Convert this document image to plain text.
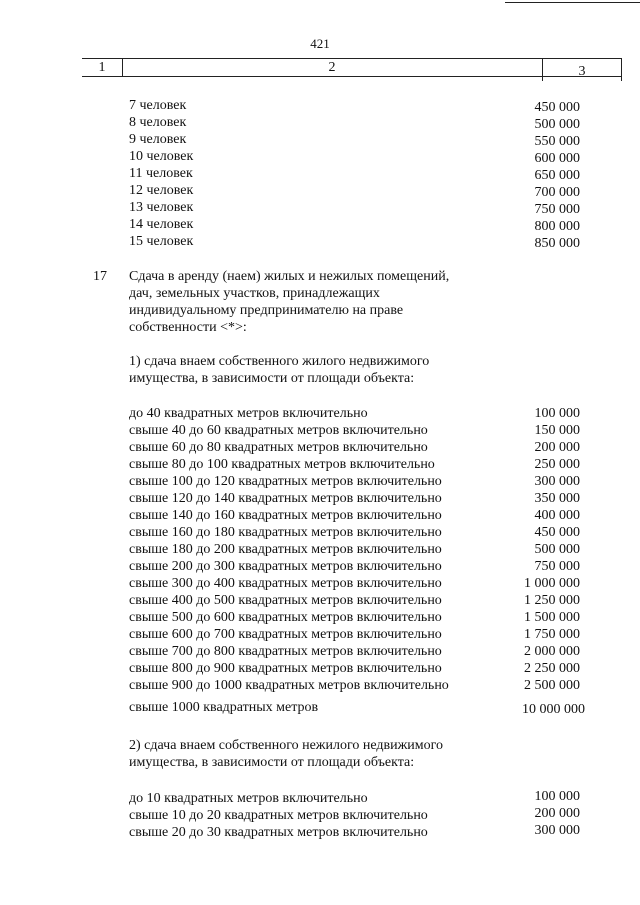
421
1	2	3
7 человек	450 000
8 человек	500 000
9 человек	550 000
10 человек	600 000
11 человек	650 000
12 человек	700 000
13 человек	750 000
14 человек	800 000
15 человек	850 000
17 Сдача в аренду (наем) жилых и нежилых помещений,
дач, земельных участков, принадлежащих
индивидуальному предпринимателю на праве
собственности <*>:
1) сдача внаем собственного жилого недвижимого
имущества, в зависимости от площади объекта:
до 40 квадратных метров включительно	100 000
свыше 40 до 60 квадратных метров включительно	150 000
свыше 60 до 80 квадратных метров включительно	200 000
свыше 80 до 100 квадратных метров включительно	250 000
свыше 100 до 120 квадратных метров включительно	300 000
свыше 120 до 140 квадратных метров включительно	350 000
свыше 140 до 160 квадратных метров включительно	400 000
свыше 160 до 180 квадратных метров включительно	450 000
свыше 180 до 200 квадратных метров включительно	500 000
свыше 200 до 300 квадратных метров включительно	750 000
свыше 300 до 400 квадратных метров включительно	1 000 000
свыше 400 до 500 квадратных метров включительно	1 250 000
свыше 500 до 600 квадратных метров включительно	1 500 000
свыше 600 до 700 квадратных метров включительно	1 750 000
свыше 700 до 800 квадратных метров включительно	2 000 000
свыше 800 до 900 квадратных метров включительно	2 250 000
свыше 900 до 1000 квадратных метров включительно	2 500 000
свыше 1000 квадратных метров	10 000 000
2) сдача внаем собственного нежилого недвижимого
имущества, в зависимости от площади объекта:
до 10 квадратных метров включительно	100 000
свыше 10 до 20 квадратных метров включительно	200 000
свыше 20 до 30 квадратных метров включительно	300 000
